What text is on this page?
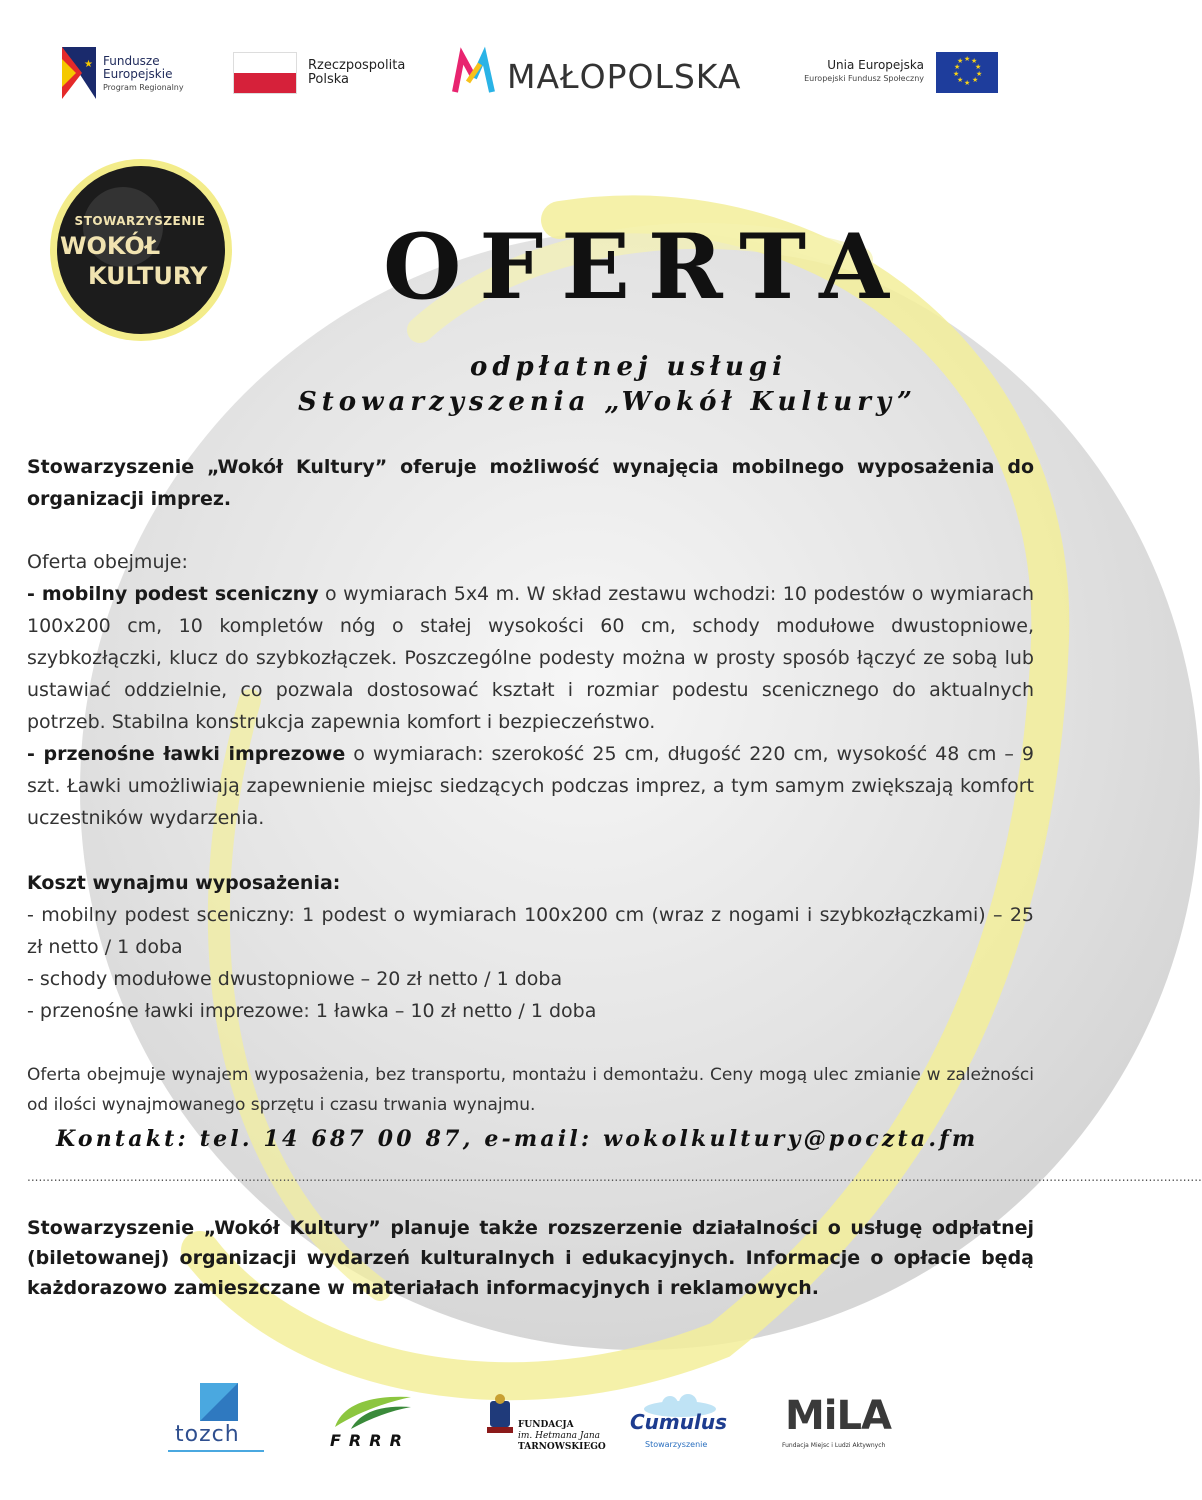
★ Fundusze
Europejskie
Program Regionalny
Rzeczpospolita
Polska	MAŁOPOLSKA	Unia Europejska
Europejski Fundusz Społeczny
★ ★
★
★
★
★
★
★
★
★
STOWARZYSZENIE
WOKÓŁ
KULTURY OFERTA
odpłatnej usługi
Stowarzyszenia „Wokół Kultury”
Stowarzyszenie „Wokół Kultury” oferuje możliwość wynajęcia mobilnego wyposażenia do organizacji imprez.
Oferta obejmuje:
- mobilny podest sceniczny o wymiarach 5x4 m. W skład zestawu wchodzi: 10 podestów o wymiarach 100x200 cm, 10 kompletów nóg o stałej wysokości 60 cm, schody modułowe dwustopniowe, szybkozłączki, klucz do szybkozłączek. Poszczególne podesty można w prosty sposób łączyć ze sobą lub ustawiać oddzielnie, co pozwala dostosować kształt i rozmiar podestu scenicznego do aktualnych potrzeb. Stabilna konstrukcja zapewnia komfort i bezpieczeństwo.
- przenośne ławki imprezowe o wymiarach: szerokość 25 cm, długość 220 cm, wysokość 48 cm – 9 szt. Ławki umożliwiają zapewnienie miejsc siedzących podczas imprez, a tym samym zwiększają komfort uczestników wydarzenia.
Koszt wynajmu wyposażenia:
- mobilny podest sceniczny: 1 podest o wymiarach 100x200 cm (wraz z nogami i szybkozłączkami) – 25 zł netto / 1 doba
- schody modułowe dwustopniowe – 20 zł netto / 1 doba
- przenośne ławki imprezowe: 1 ławka – 10 zł netto / 1 doba
Oferta obejmuje wynajem wyposażenia, bez transportu, montażu i demontażu. Ceny mogą ulec zmianie w zależności od ilości wynajmowanego sprzętu i czasu trwania wynajmu.
Kontakt: tel. 14 687 00 87, e-mail: wokolkultury@poczta.fm
....................................................................................................................................................................................................................................................................................................................
Stowarzyszenie „Wokół Kultury” planuje także rozszerzenie działalności o usługę odpłatnej (biletowanej) organizacji wydarzeń kulturalnych i edukacyjnych. Informacje o opłacie będą każdorazowo zamieszczane w materiałach informacyjnych i reklamowych.
tozch	FRRR
FUNDACJA
im. Hetmana Jana
TARNOWSKIEGO
Cumulus
Stowarzyszenie
MiLA
Fundacja Miejsc i Ludzi Aktywnych
